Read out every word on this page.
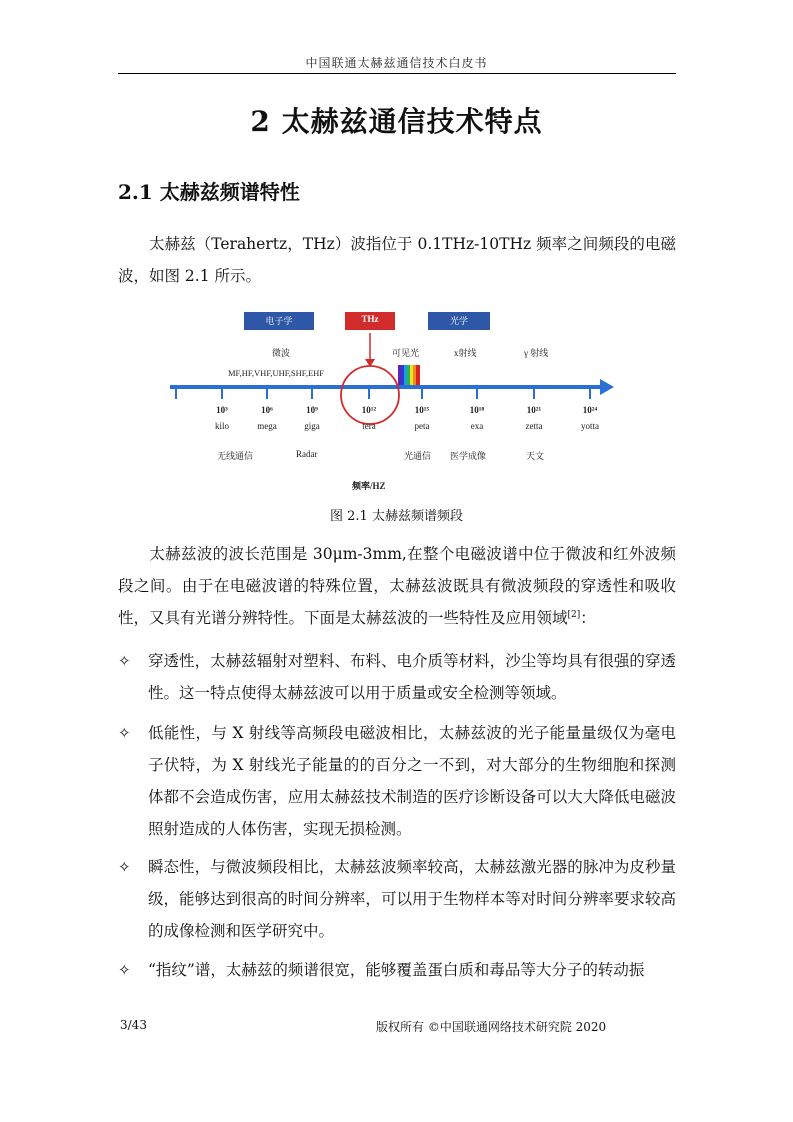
中国联通太赫兹通信技术白皮书
2 太赫兹通信技术特点
2.1 太赫兹频谱特性
太赫兹（Terahertz，THz）波指位于 0.1THz-10THz 频率之间频段的电磁波，如图 2.1 所示。
电子学	THz	光学
微波	可见光	x射线	γ 射线
MF,HF,VHF,UHF,SHF,EHF
10³	10⁶	10⁹	10¹²	10¹⁵	10¹⁸	10²¹	10²⁴
kilo	mega	giga	tera	peta	exa	zetta	yotta
无线通信	Radar	光通信 医学成像	天文
频率/HZ
图 2.1 太赫兹频谱频段
太赫兹波的波长范围是 30μm-3mm,在整个电磁波谱中位于微波和红外波频段之间。由于在电磁波谱的特殊位置，太赫兹波既具有微波频段的穿透性和吸收性，又具有光谱分辨特性。下面是太赫兹波的一些特性及应用领域[2]：
✧	穿透性，太赫兹辐射对塑料、布料、电介质等材料，沙尘等均具有很强的穿透性。这一特点使得太赫兹波可以用于质量或安全检测等领域。
✧	低能性，与 X 射线等高频段电磁波相比，太赫兹波的光子能量量级仅为毫电子伏特，为 X 射线光子能量的的百分之一不到，对大部分的生物细胞和探测体都不会造成伤害，应用太赫兹技术制造的医疗诊断设备可以大大降低电磁波照射造成的人体伤害，实现无损检测。
✧	瞬态性，与微波频段相比，太赫兹波频率较高，太赫兹激光器的脉冲为皮秒量级，能够达到很高的时间分辨率，可以用于生物样本等对时间分辨率要求较高的成像检测和医学研究中。
✧	“指纹”谱，太赫兹的频谱很宽，能够覆盖蛋白质和毒品等大分子的转动振
3/43	版权所有 ©中国联通网络技术研究院 2020
